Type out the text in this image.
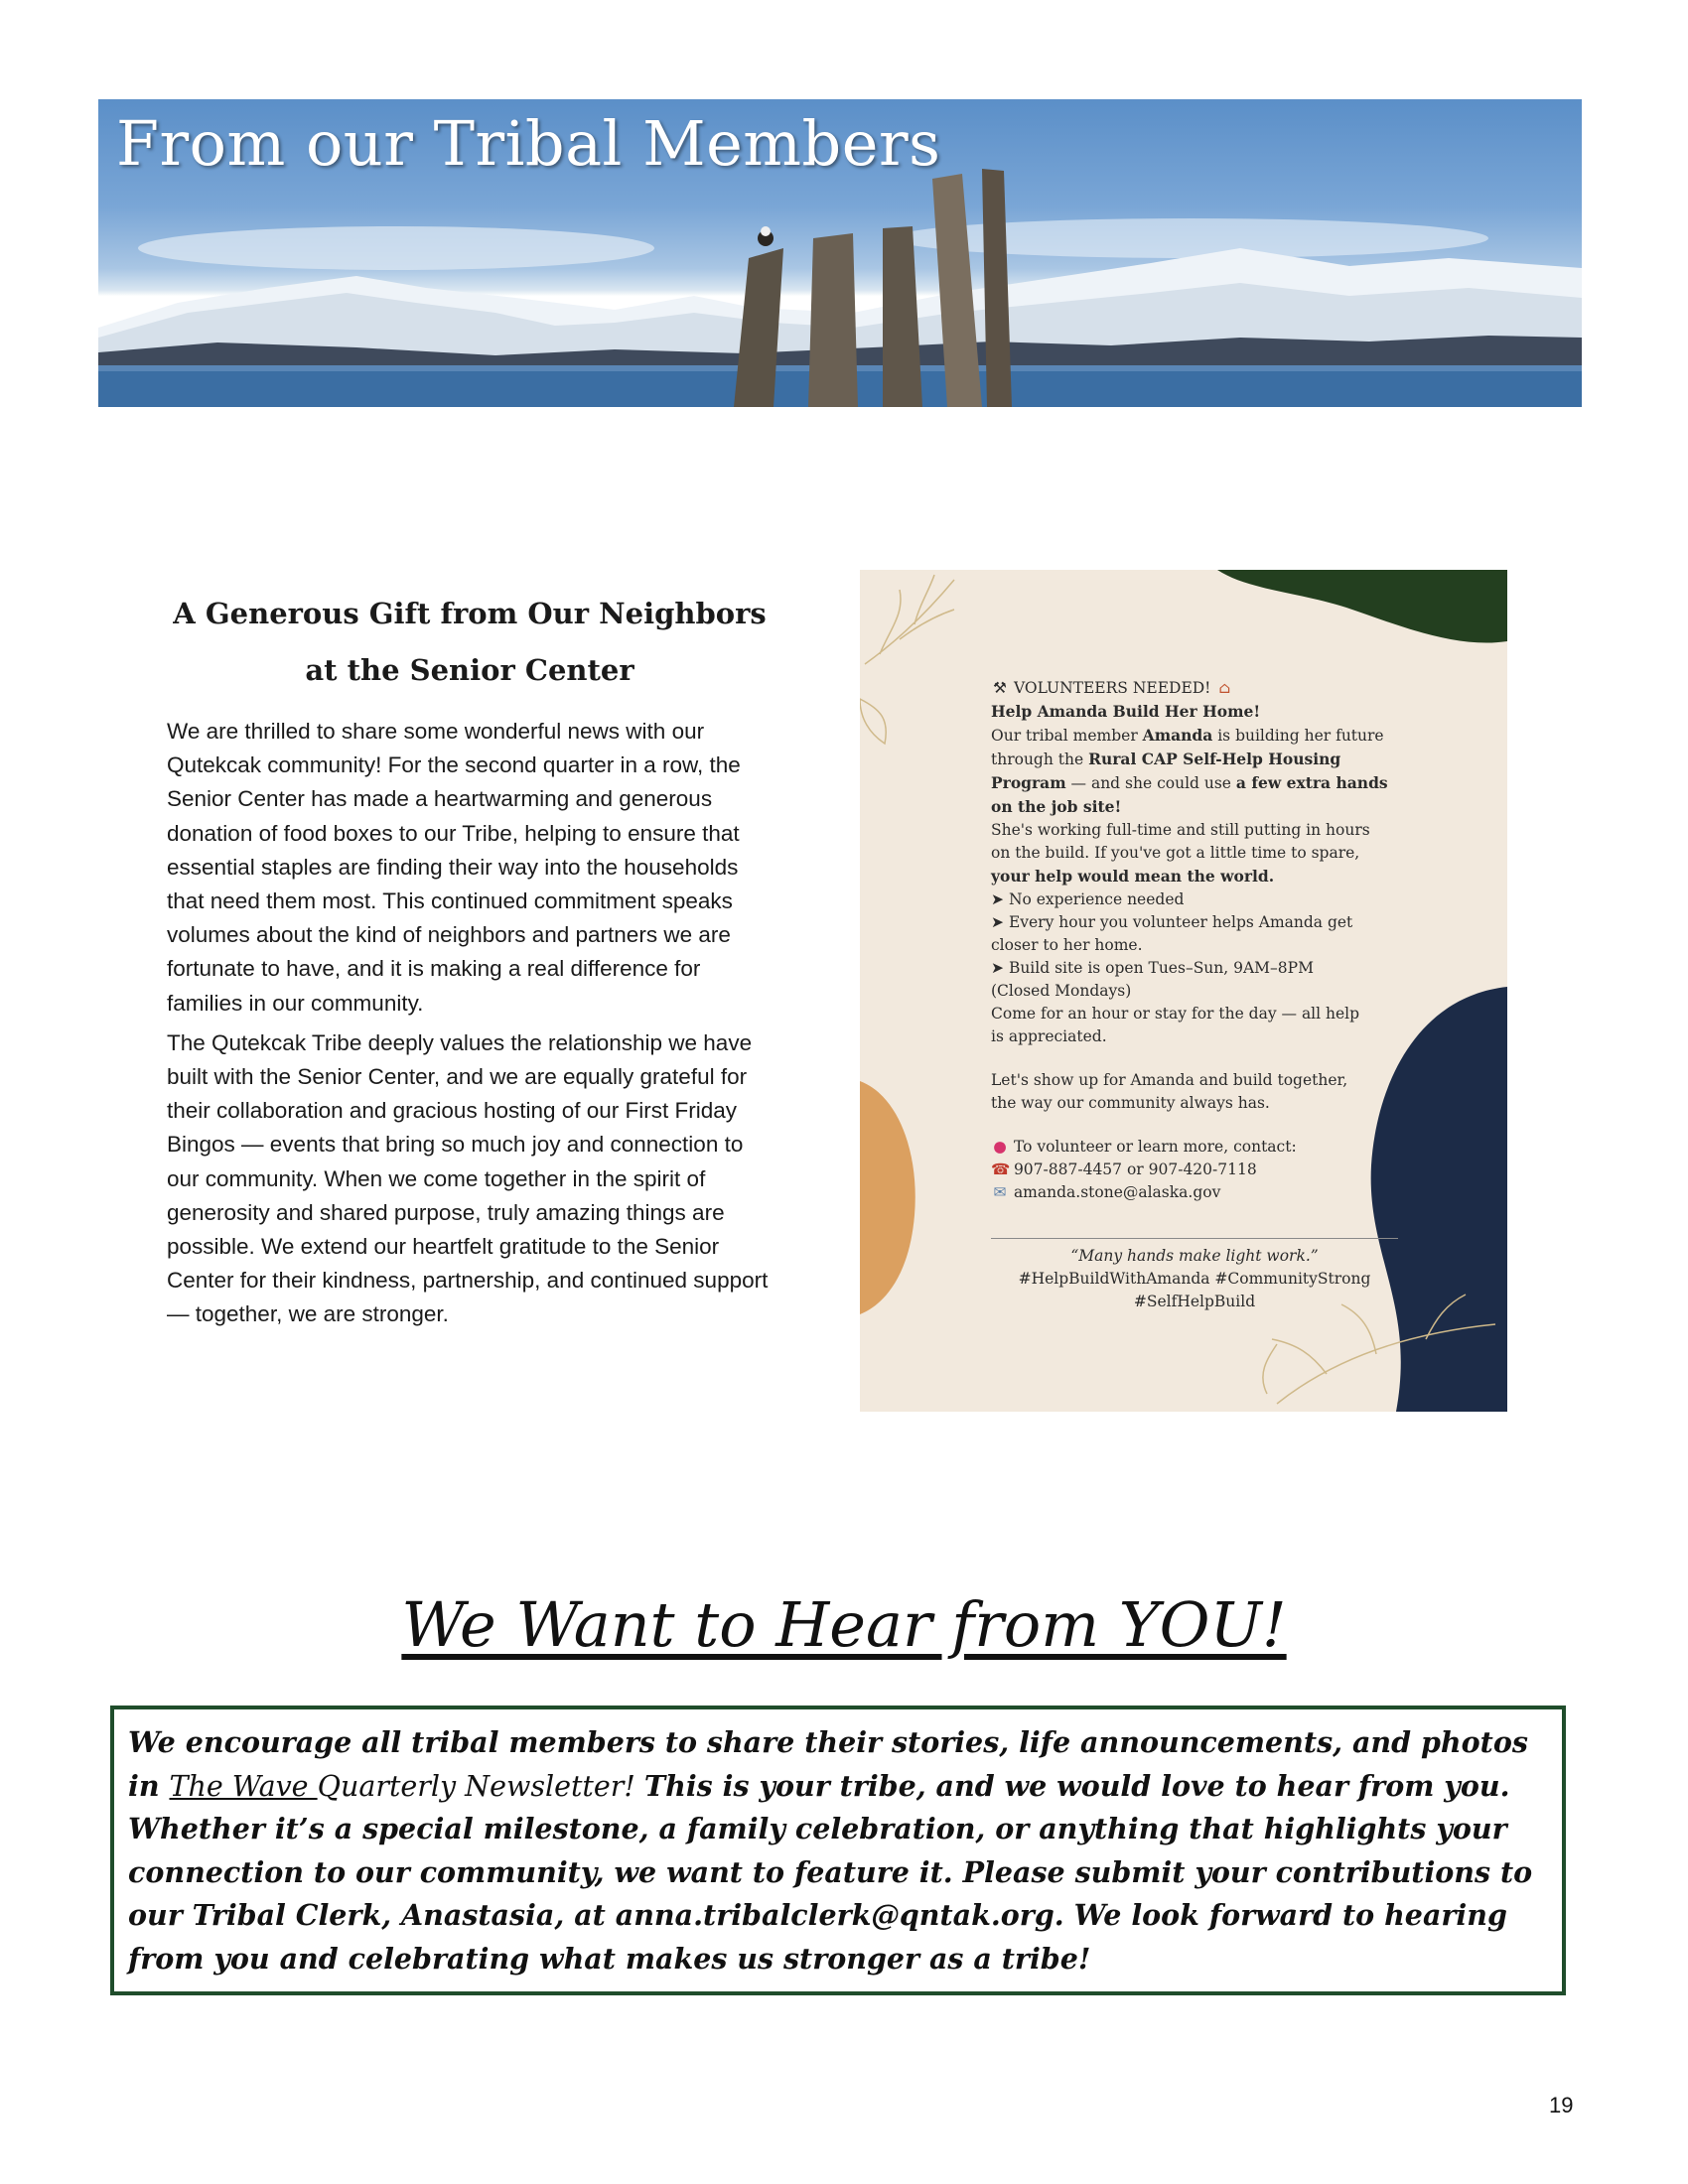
From our Tribal Members
A Generous Gift from Our Neighbors
at the Senior Center

We are thrilled to share some wonderful news with our Qutekcak community! For the second quarter in a row, the Senior Center has made a heartwarming and generous donation of food boxes to our Tribe, helping to ensure that essential staples are finding their way into the households that need them most. This continued commitment speaks volumes about the kind of neighbors and partners we are fortunate to have, and it is making a real difference for families in our community.

The Qutekcak Tribe deeply values the relationship we have built with the Senior Center, and we are equally grateful for their collaboration and gracious hosting of our First Friday Bingos — events that bring so much joy and connection to our community. When we come together in the spirit of generosity and shared purpose, truly amazing things are possible. We extend our heartfelt gratitude to the Senior Center for their kindness, partnership, and continued support — together, we are stronger.

⚒ VOLUNTEERS NEEDED! ⌂
Help Amanda Build Her Home!
Our tribal member Amanda is building her future
through the Rural CAP Self-Help Housing
Program — and she could use a few extra hands
on the job site!
She's working full-time and still putting in hours
on the build. If you've got a little time to spare,
your help would mean the world.
➤ No experience needed
➤ Every hour you volunteer helps Amanda get
closer to her home.
➤ Build site is open Tues–Sun, 9AM–8PM
(Closed Mondays)
Come for an hour or stay for the day — all help
is appreciated.
Let's show up for Amanda and build together,
the way our community always has.
● To volunteer or learn more, contact:
☎ 907-887-4457 or 907-420-7118
✉ amanda.stone@alaska.gov
“Many hands make light work.”
#HelpBuildWithAmanda #CommunityStrong
#SelfHelpBuild
We Want to Hear from YOU!
We encourage all tribal members to share their stories, life announcements, and photos in The Wave Quarterly Newsletter! This is your tribe, and we would love to hear from you. Whether it’s a special milestone, a family celebration, or anything that highlights your connection to our community, we want to feature it. Please submit your contributions to our Tribal Clerk, Anastasia, at anna.tribalclerk@qntak.org. We look forward to hearing from you and celebrating what makes us stronger as a tribe!
19
